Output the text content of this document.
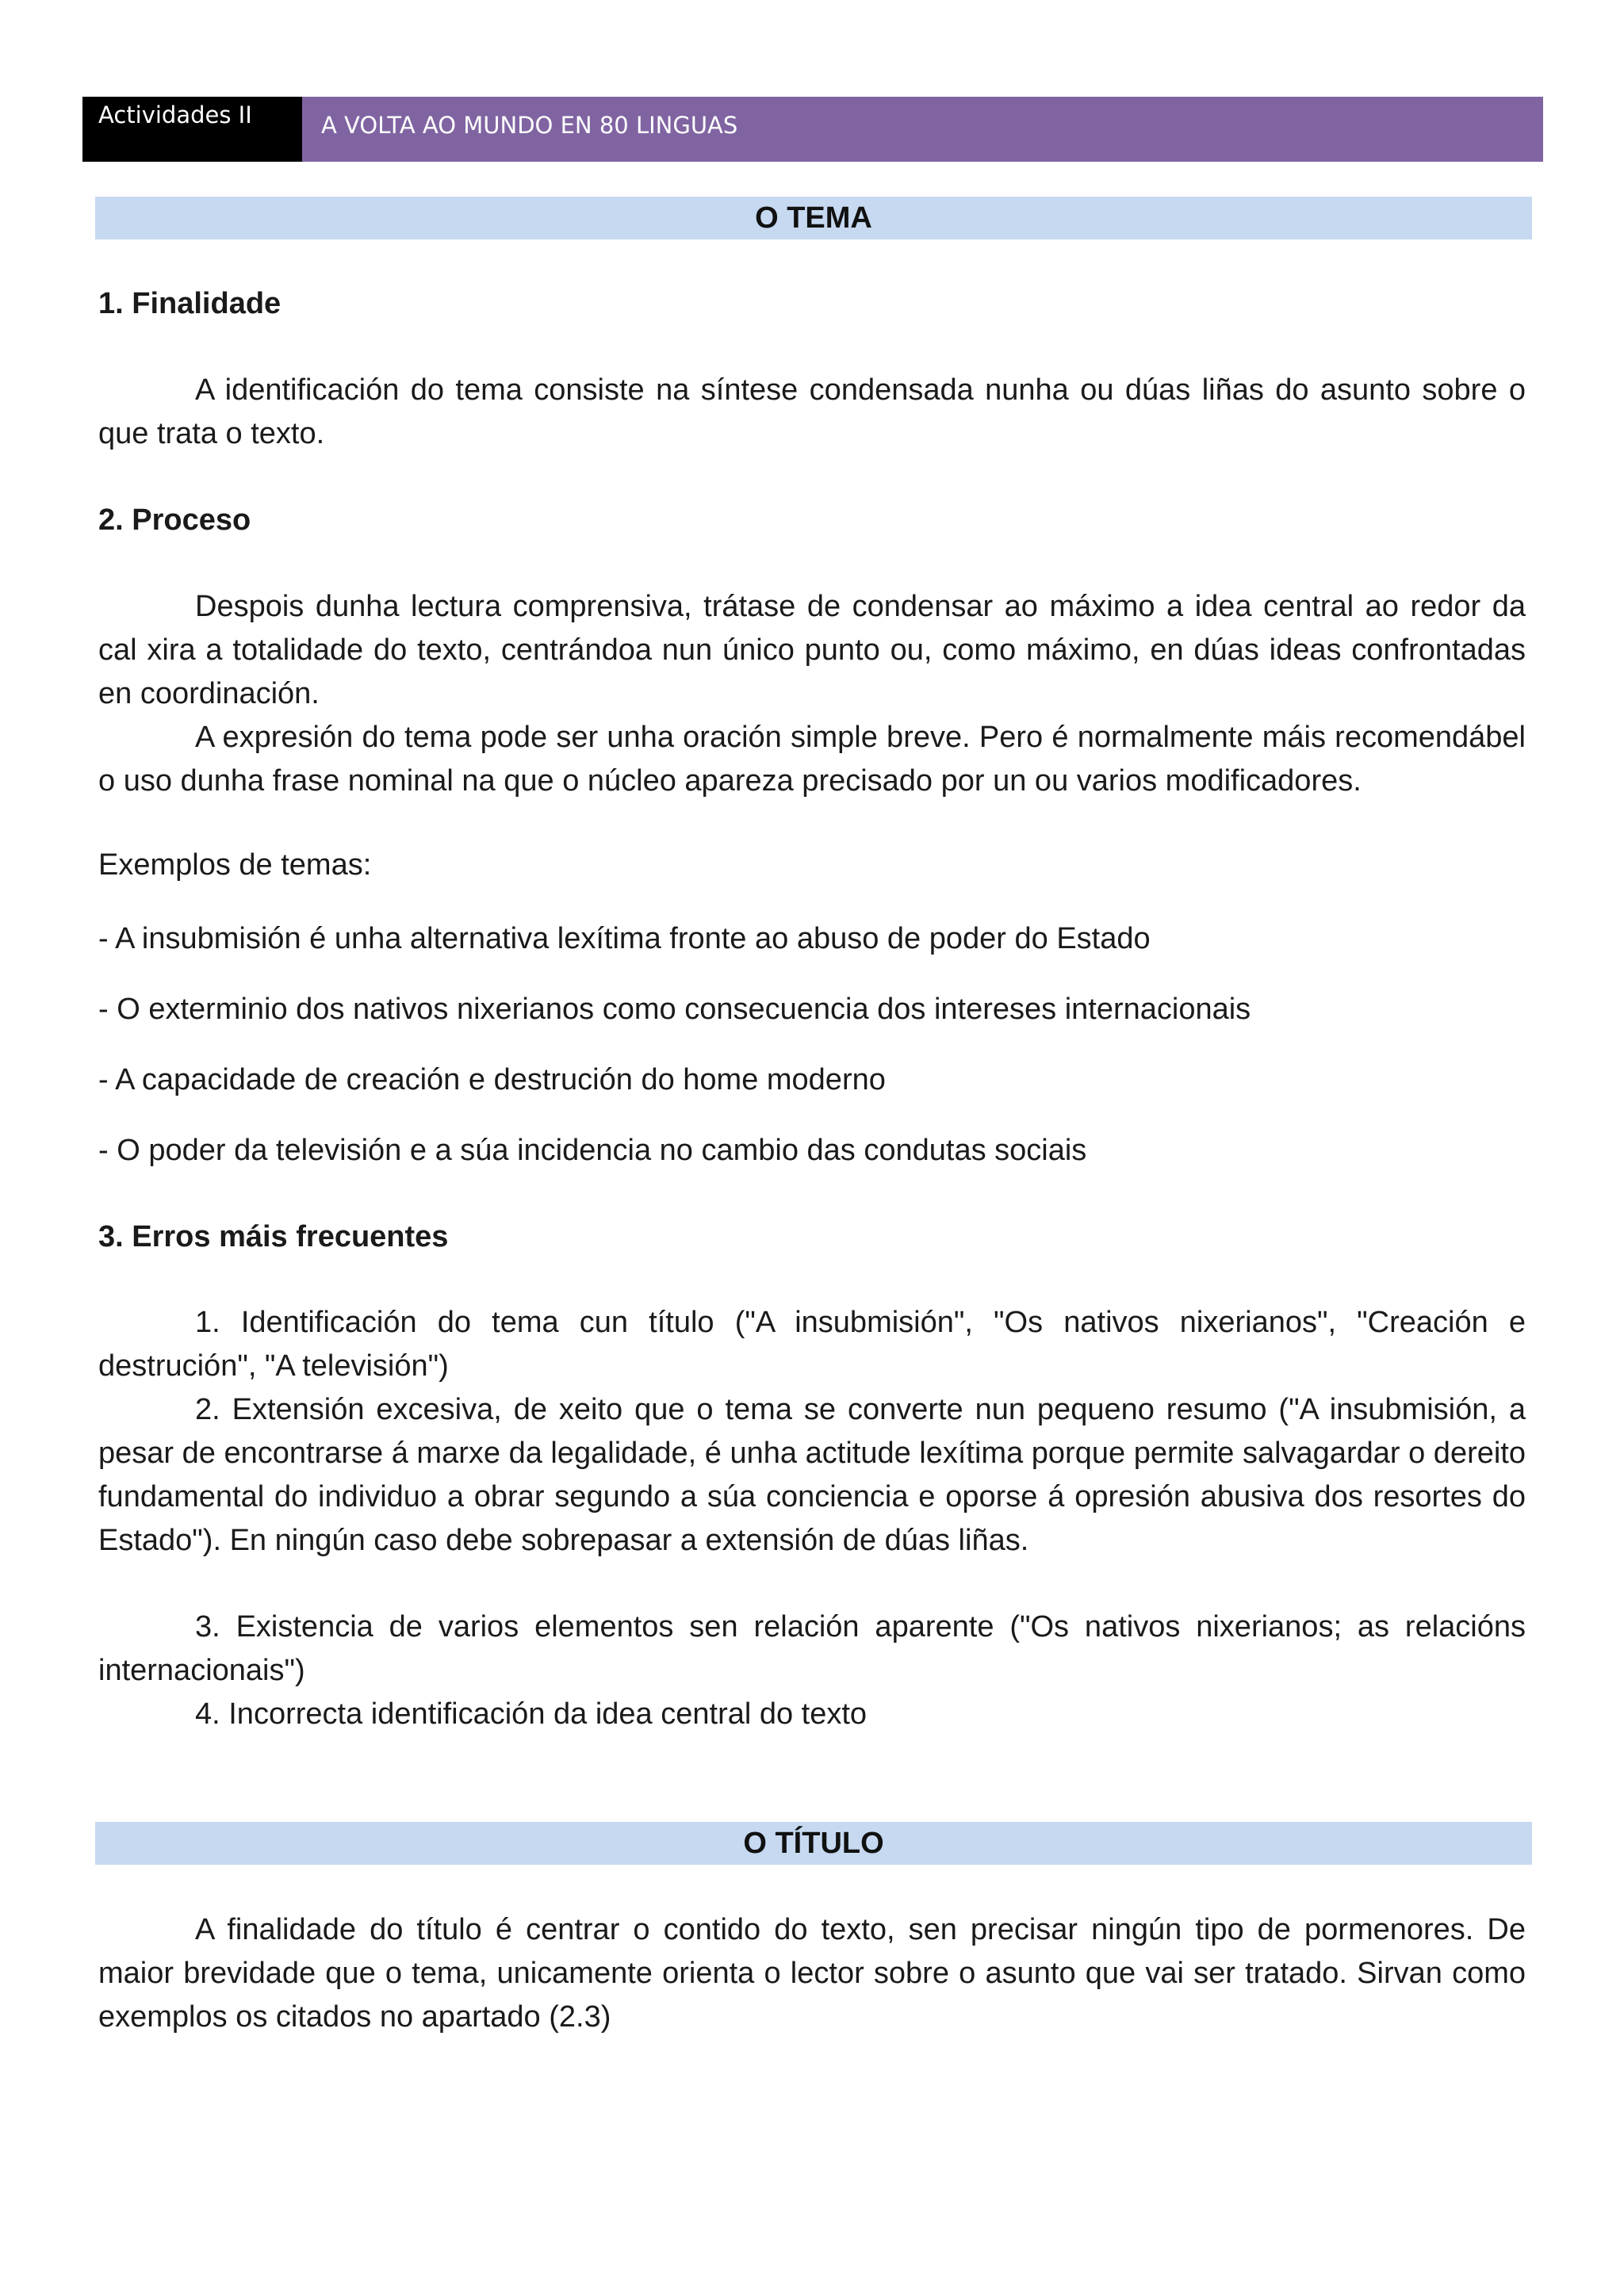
Actividades II	A VOLTA AO MUNDO EN 80 LINGUAS
O TEMA
1. Finalidade

A identificación do tema consiste na síntese condensada nunha ou dúas liñas do asunto sobre o que trata o texto.

2. Proceso

Despois dunha lectura comprensiva, trátase de condensar ao máximo a idea central ao redor da cal xira a totalidade do texto, centrándoa nun único punto ou, como máximo, en dúas ideas confrontadas en coordinación.

A expresión do tema pode ser unha oración simple breve. Pero é normalmente máis recomendábel o uso dunha frase nominal na que o núcleo apareza precisado por un ou varios modificadores.

Exemplos de temas:

- A insubmisión é unha alternativa lexítima fronte ao abuso de poder do Estado

- O exterminio dos nativos nixerianos como consecuencia dos intereses internacionais

- A capacidade de creación e destrución do home moderno

- O poder da televisión e a súa incidencia no cambio das condutas sociais

3. Erros máis frecuentes

1. Identificación do tema cun título ("A insubmisión", "Os nativos nixerianos", "Creación e destrución", "A televisión")

2. Extensión excesiva, de xeito que o tema se converte nun pequeno resumo ("A insubmisión, a pesar de encontrarse á marxe da legalidade, é unha actitude lexítima porque permite salvagardar o dereito fundamental do individuo a obrar segundo a súa conciencia e oporse á opresión abusiva dos resortes do Estado"). En ningún caso debe sobrepasar a extensión de dúas liñas.

3. Existencia de varios elementos sen relación aparente ("Os nativos nixerianos; as relacións internacionais")

4. Incorrecta identificación da idea central do texto

O TÍTULO

A finalidade do título é centrar o contido do texto, sen precisar ningún tipo de pormenores. De maior brevidade que o tema, unicamente orienta o lector sobre o asunto que vai ser tratado. Sirvan como exemplos os citados no apartado (2.3)
